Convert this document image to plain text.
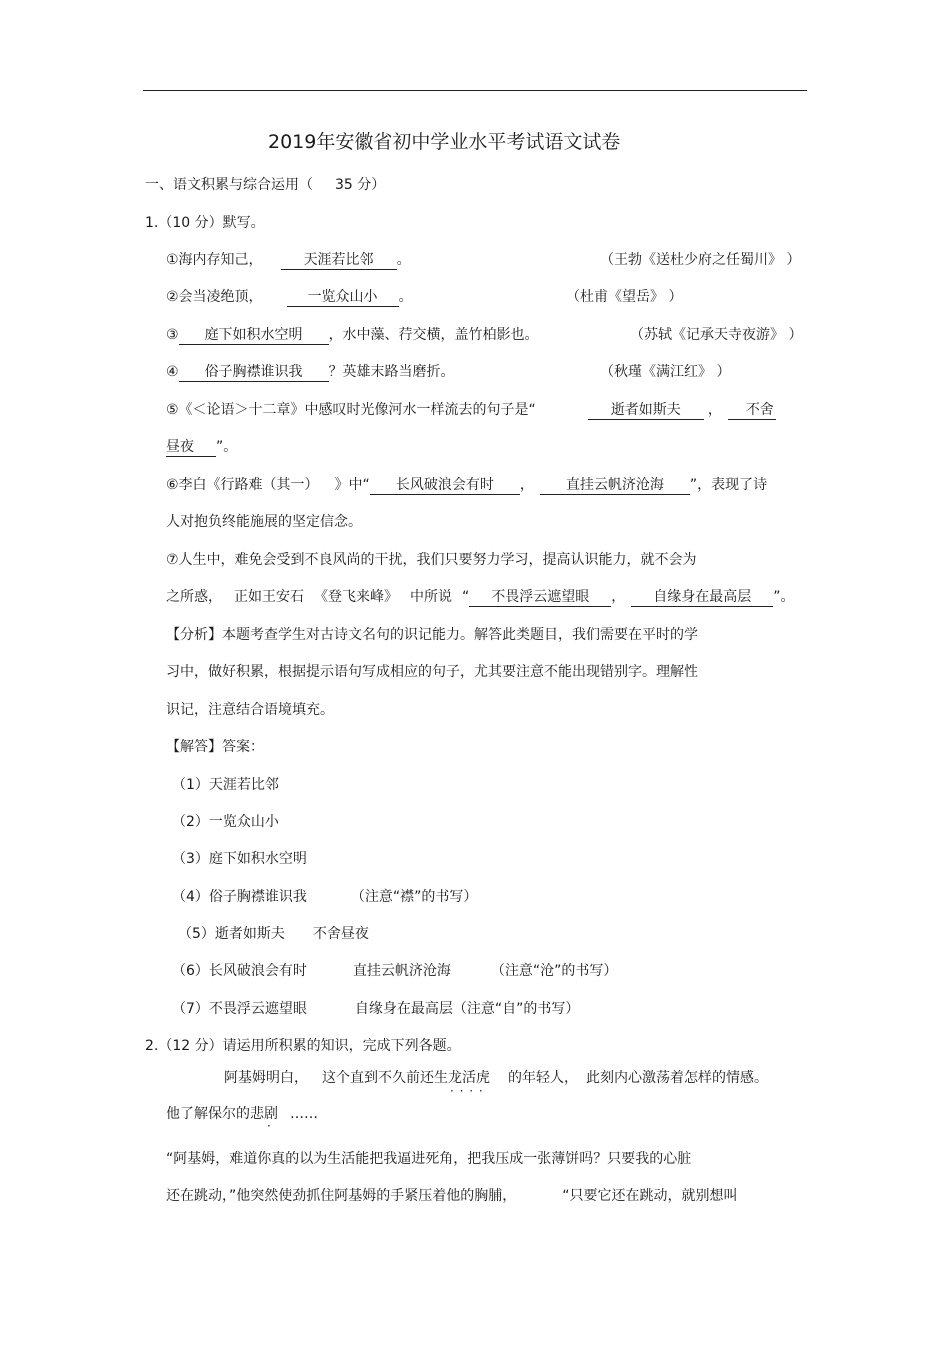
2019年安徽省初中学业水平考试语文试卷
一、语文积累与综合运用（ 35 分）
1.（10 分）默写。
①海内存知己，	天涯若比邻 。	（王勃《送杜少府之任蜀川》 ）
②会当凌绝顶，	一览众山小 。	（杜甫《望岳》 ）
③ 庭下如积水空明 ，水中藻、荇交横，盖竹柏影也。	（苏轼《记承天寺夜游》 ）
④ 俗子胸襟谁识我 ？英雄末路当磨折。	（秋瑾《满江红》 ）
⑤《＜论语＞十二章》中感叹时光像河水一样流去的句子是“	逝者如斯夫 ， 不舍
昼夜 ”。
⑥李白《行路难（其一） 》中“ 长风破浪会有时 ， 直挂云帆济沧海 ”，表现了诗
人对抱负终能施展的坚定信念。
⑦人生中，难免会受到不良风尚的干扰，我们只要努力学习，提高认识能力，就不会为
之所惑， 正如王安石 《登飞来峰》 中所说 “ 不畏浮云遮望眼 ， 自缘身在最高层 ”。
【分析】本题考查学生对古诗文名句的识记能力。解答此类题目，我们需要在平时的学
习中，做好积累，根据提示语句写成相应的句子，尤其要注意不能出现错别字。理解性
识记，注意结合语境填充。
【解答】答案：
（1）天涯若比邻
（2）一览众山小
（3）庭下如积水空明
（4）俗子胸襟谁识我	（注意“襟”的书写）
（5）逝者如斯夫 不舍昼夜
（6）长风破浪会有时	直挂云帆济沧海	（注意“沧”的书写）
（7）不畏浮云遮望眼	自缘身在最高层（注意“自”的书写）
2.（12 分）请运用所积累的知识，完成下列各题。
阿基姆明白， 这个直到不久前还生龙活虎 · · · · 的年轻人， 此刻内心激荡着怎样的情感。
他了解保尔的悲剧 ……
“阿基姆，难道你真的以为生活能把我逼进死角，把我压成一张薄饼吗？只要我的心脏
还在跳动，”他突然使劲抓住阿基姆的手紧压着他的胸脯，	“只要它还在跳动，就别想叫
